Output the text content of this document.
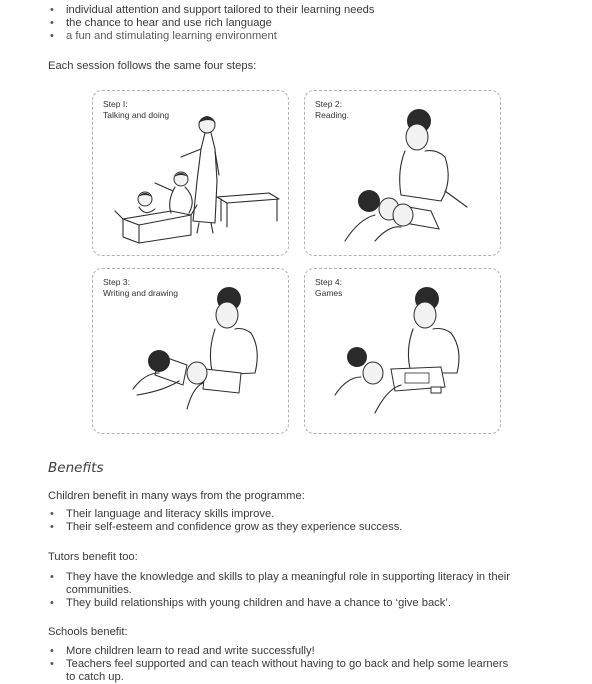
• individual attention and support tailored to their learning needs
• the chance to hear and use rich language
• a fun and stimulating learning environment
Each session follows the same four steps:
Step I:
Talking and doing
Step 2:
Reading.
Step 3:
Writing and drawing
Step 4:
Games
Benefits
Children benefit in many ways from the programme:
• Their language and literacy skills improve.
• Their self-esteem and confidence grow as they experience success.
Tutors benefit too:
• They have the knowledge and skills to play a meaningful role in supporting literacy in their communities.
• They build relationships with young children and have a chance to ‘give back’.
Schools benefit:
• More children learn to read and write successfully!
• Teachers feel supported and can teach without having to go back and help some learners to catch up.
